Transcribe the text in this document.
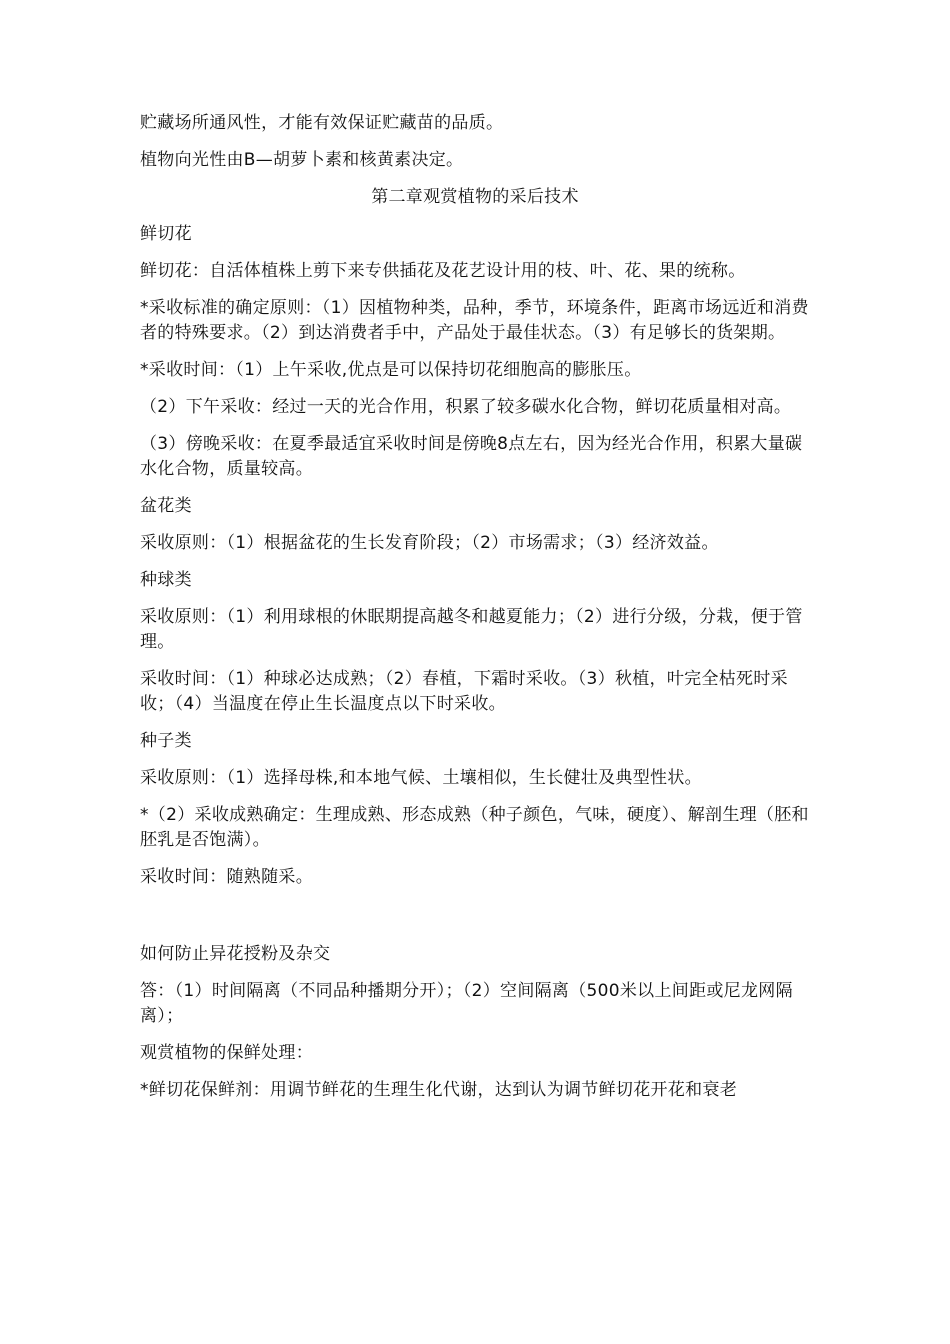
贮藏场所通风性，才能有效保证贮藏苗的品质。

植物向光性由B—胡萝卜素和核黄素决定。

第二章观赏植物的采后技术

鲜切花

鲜切花：自活体植株上剪下来专供插花及花艺设计用的枝、叶、花、果的统称。

*采收标准的确定原则：（1）因植物种类，品种，季节，环境条件，距离市场远近和消费者的特殊要求。（2）到达消费者手中，产品处于最佳状态。（3）有足够长的货架期。

*采收时间：（1）上午采收,优点是可以保持切花细胞高的膨胀压。

（2）下午采收：经过一天的光合作用，积累了较多碳水化合物，鲜切花质量相对高。

（3）傍晚采收：在夏季最适宜采收时间是傍晚8点左右，因为经光合作用，积累大量碳水化合物，质量较高。

盆花类

采收原则：（1）根据盆花的生长发育阶段；（2）市场需求；（3）经济效益。

种球类

采收原则：（1）利用球根的休眠期提高越冬和越夏能力；（2）进行分级，分栽，便于管理。

采收时间：（1）种球必达成熟；（2）春植，下霜时采收。（3）秋植，叶完全枯死时采收；（4）当温度在停止生长温度点以下时采收。

种子类

采收原则：（1）选择母株,和本地气候、土壤相似，生长健壮及典型性状。

*（2）采收成熟确定：生理成熟、形态成熟（种子颜色，气味，硬度）、解剖生理（胚和胚乳是否饱满）。

采收时间：随熟随采。

如何防止异花授粉及杂交

答：（1）时间隔离（不同品种播期分开）；（2）空间隔离（500米以上间距或尼龙网隔离）；

观赏植物的保鲜处理：

*鲜切花保鲜剂：用调节鲜花的生理生化代谢，达到认为调节鲜切花开花和衰老
